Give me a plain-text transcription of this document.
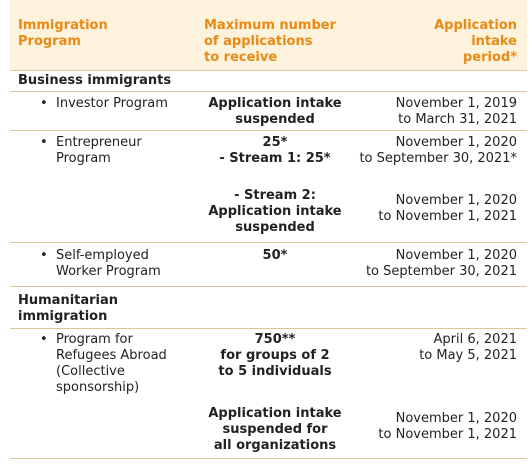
Immigration
Program
Maximum number
of applications
to receive
Application
intake
period*
Business immigrants
• Investor Program	Application intake
suspended
November 1, 2019
to March 31, 2021
• Entrepreneur
Program
25*
- Stream 1: 25*
November 1, 2020
to September 30, 2021*
- Stream 2:
Application intake
suspended
November 1, 2020
to November 1, 2021
• Self-employed
Worker Program
50*	November 1, 2020
to September 30, 2021
Humanitarian
immigration
• Program for
Refugees Abroad
(Collective
sponsorship)
750**
for groups of 2
to 5 individuals
April 6, 2021
to May 5, 2021
Application intake
suspended for
all organizations
November 1, 2020
to November 1, 2021
